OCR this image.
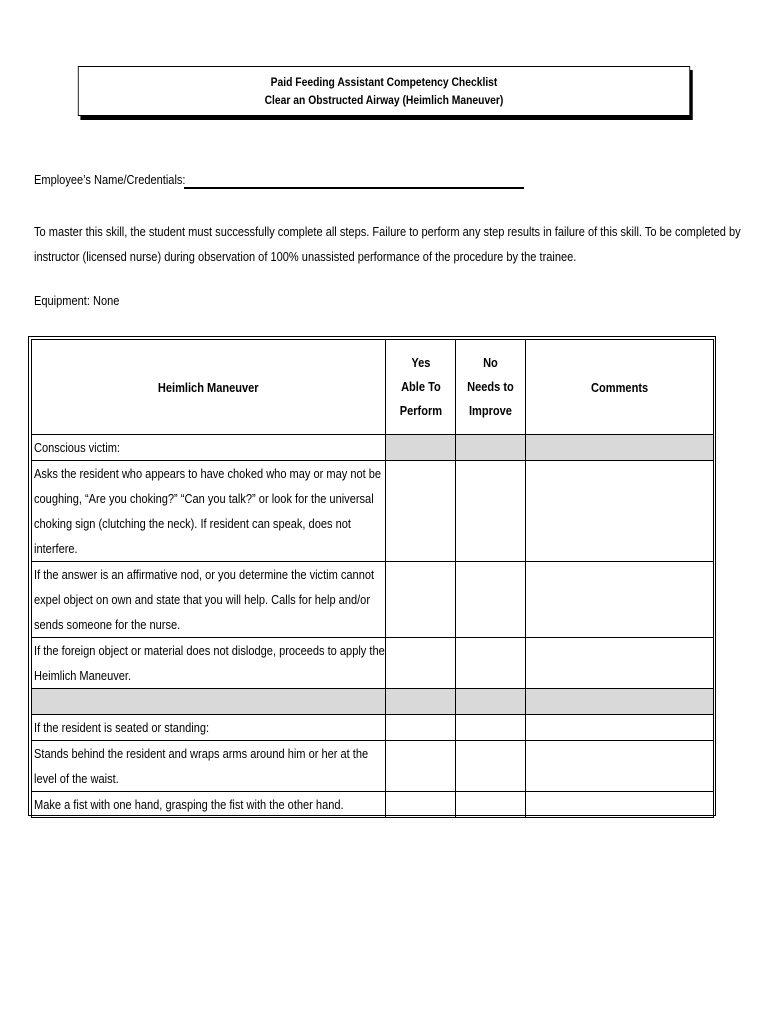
Paid Feeding Assistant Competency Checklist
Clear an Obstructed Airway (Heimlich Maneuver)
Employee’s Name/Credentials:
To master this skill, the student must successfully complete all steps. Failure to perform any step results in failure of this skill. To be completed by
instructor (licensed nurse) during observation of 100% unassisted performance of the procedure by the trainee.
Equipment: None
Heimlich Maneuver	Yes
Able To
Perform	No
Needs to
Improve	Comments

Conscious victim:			

Asks the resident who appears to have choked who may or may not be
coughing, “Are you choking?” “Can you talk?” or look for the universal
choking sign (clutching the neck). If resident can speak, does not
interfere.			

If the answer is an affirmative nod, or you determine the victim cannot
expel object on own and state that you will help. Calls for help and/or
sends someone for the nurse.			

If the foreign object or material does not dislodge, proceeds to apply the
Heimlich Maneuver.			

If the resident is seated or standing:			

Stands behind the resident and wraps arms around him or her at the
level of the waist.			

Make a fist with one hand, grasping the fist with the other hand.			
